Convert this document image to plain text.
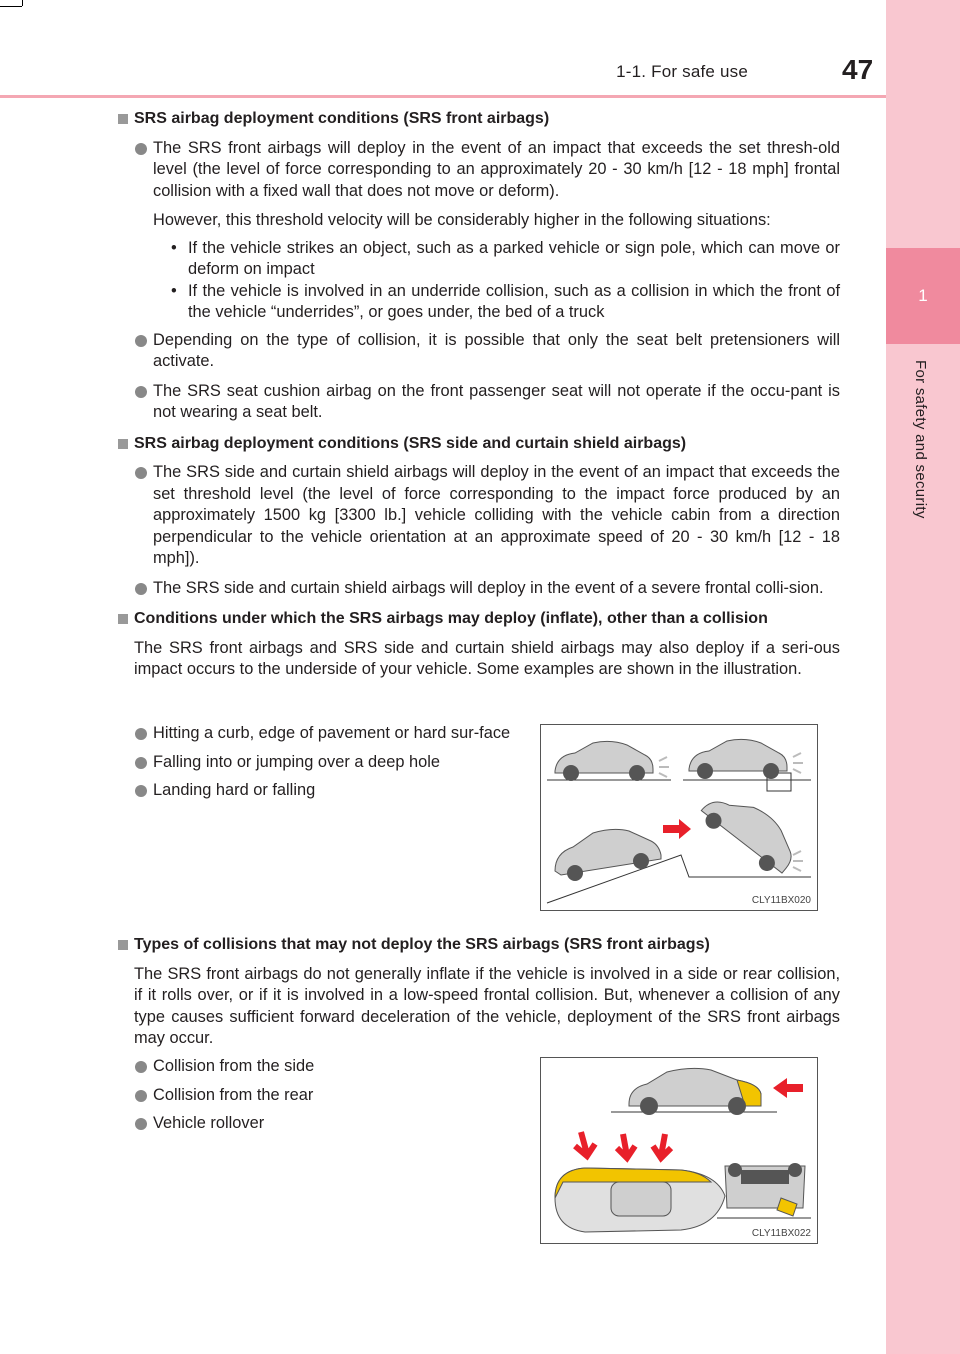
1-1. For safe use	47
1
For safety and security
SRS airbag deployment conditions (SRS front airbags)
The SRS front airbags will deploy in the event of an impact that exceeds the set thresh-old level (the level of force corresponding to an approximately 20 - 30 km/h [12 - 18 mph] frontal collision with a fixed wall that does not move or deform).
However, this threshold velocity will be considerably higher in the following situations:
• If the vehicle strikes an object, such as a parked vehicle or sign pole, which can move or deform on impact
• If the vehicle is involved in an underride collision, such as a collision in which the front of the vehicle “underrides”, or goes under, the bed of a truck
Depending on the type of collision, it is possible that only the seat belt pretensioners will activate.
The SRS seat cushion airbag on the front passenger seat will not operate if the occu-pant is not wearing a seat belt.
SRS airbag deployment conditions (SRS side and curtain shield airbags)
The SRS side and curtain shield airbags will deploy in the event of an impact that exceeds the set threshold level (the level of force corresponding to the impact force produced by an approximately 1500 kg [3300 lb.] vehicle colliding with the vehicle cabin from a direction perpendicular to the vehicle orientation at an approximate speed of 20 - 30 km/h [12 - 18 mph]).
The SRS side and curtain shield airbags will deploy in the event of a severe frontal colli-sion.
Conditions under which the SRS airbags may deploy (inflate), other than a collision
The SRS front airbags and SRS side and curtain shield airbags may also deploy if a seri-ous impact occurs to the underside of your vehicle. Some examples are shown in the illustration.
Hitting a curb, edge of pavement or hard sur-face
Falling into or jumping over a deep hole
Landing hard or falling
CLY11BX020
Types of collisions that may not deploy the SRS airbags (SRS front airbags)
The SRS front airbags do not generally inflate if the vehicle is involved in a side or rear collision, if it rolls over, or if it is involved in a low-speed frontal collision. But, whenever a collision of any type causes sufficient forward deceleration of the vehicle, deployment of the SRS front airbags may occur.
Collision from the side
Collision from the rear
Vehicle rollover
CLY11BX022
